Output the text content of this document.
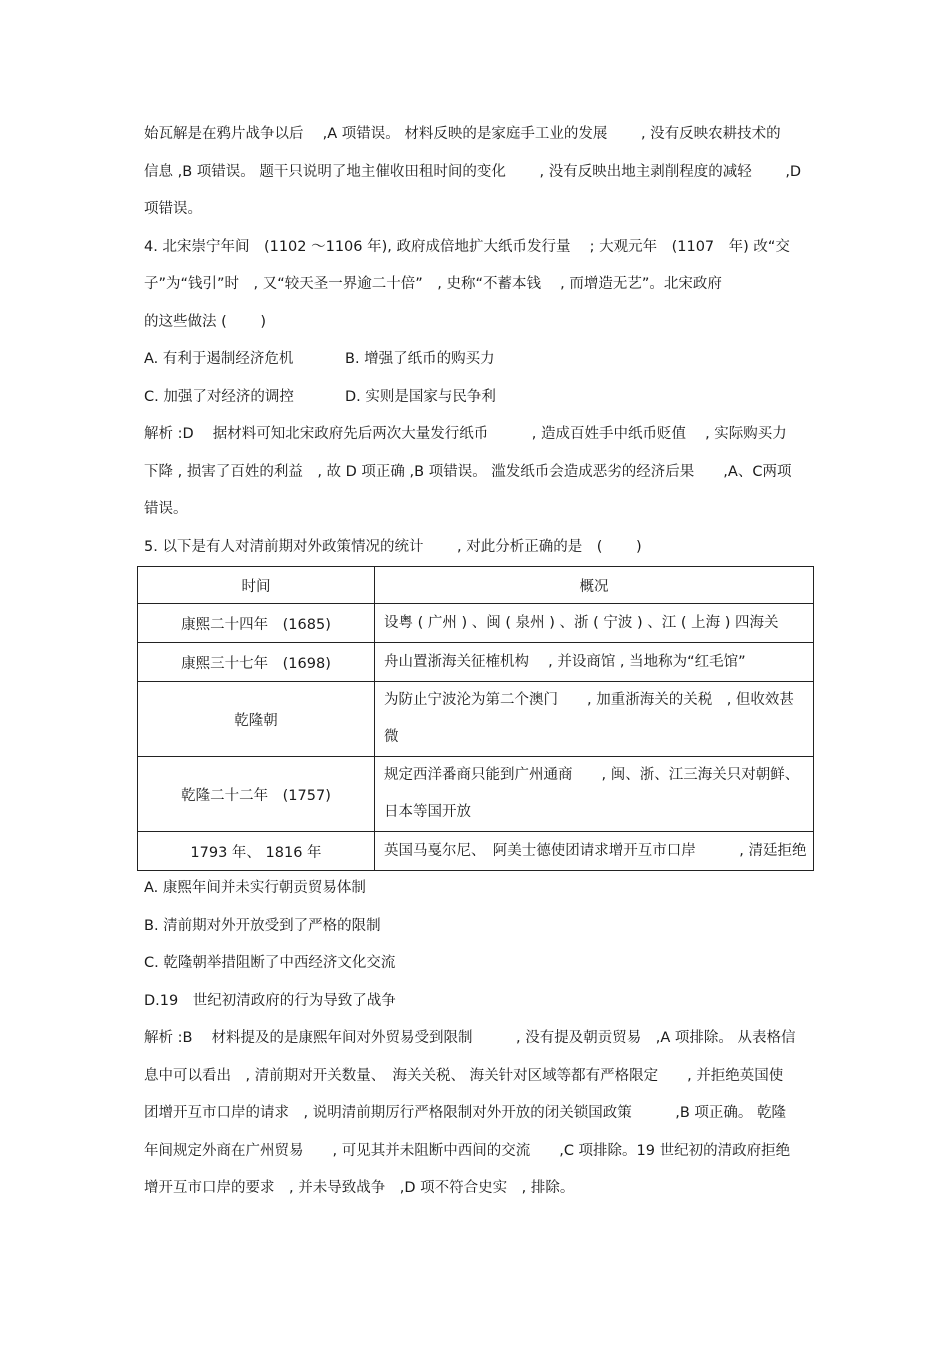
始瓦解是在鸦片战争以后　 ,A 项错误。 材料反映的是家庭手工业的发展　　 , 没有反映农耕技术的
信息 ,B 项错误。 题干只说明了地主催收田租时间的变化　　 , 没有反映出地主剥削程度的减轻　　 ,D
项错误。
4. 北宋崇宁年间　(1102 ～1106 年), 政府成倍地扩大纸币发行量　 ; 大观元年　(1107　年) 改“交
子”为“钱引”时　, 又“较天圣一界逾二十倍”　, 史称“不蓄本钱　 , 而增造无艺”。北宋政府
的这些做法 (　　 )
A. 有利于遏制经济危机	B. 增强了纸币的购买力
C. 加强了对经济的调控	D. 实则是国家与民争利
解析 :D　 据材料可知北宋政府先后两次大量发行纸币　　　, 造成百姓手中纸币贬值　 , 实际购买力
下降 , 损害了百姓的利益　, 故 D 项正确 ,B 项错误。 滥发纸币会造成恶劣的经济后果　　,A、C两项
错误。
5. 以下是有人对清前期对外政策情况的统计　　 , 对此分析正确的是　(　　 )
时间	概况
康熙二十四年　(1685)	设粤 ( 广州 ) 、闽 ( 泉州 ) 、浙 ( 宁波 ) 、江 ( 上海 ) 四海关
康熙三十七年　(1698)	舟山置浙海关征榷机构　 , 并设商馆 , 当地称为“红毛馆”
乾隆朝	为防止宁波沦为第二个澳门　　, 加重浙海关的关税　, 但收效甚
微

乾隆二十二年　(1757)	规定西洋番商只能到广州通商　　, 闽、浙、江三海关只对朝鲜、
日本等国开放

1793 年、 1816 年	英国马戛尔尼、　阿美士德使团请求增开互市口岸　　　, 清廷拒绝
A. 康熙年间并未实行朝贡贸易体制
B. 清前期对外开放受到了严格的限制
C. 乾隆朝举措阻断了中西经济文化交流
D.19　世纪初清政府的行为导致了战争
解析 :B　 材料提及的是康熙年间对外贸易受到限制　　　, 没有提及朝贡贸易　,A 项排除。 从表格信
息中可以看出　, 清前期对开关数量、　海关关税、 海关针对区域等都有严格限定　　, 并拒绝英国使
团增开互市口岸的请求　, 说明清前期厉行严格限制对外开放的闭关锁国政策　　　,B 项正确。 乾隆
年间规定外商在广州贸易　　, 可见其并未阻断中西间的交流　　,C 项排除。19 世纪初的清政府拒绝
增开互市口岸的要求　, 并未导致战争　,D 项不符合史实　, 排除。
